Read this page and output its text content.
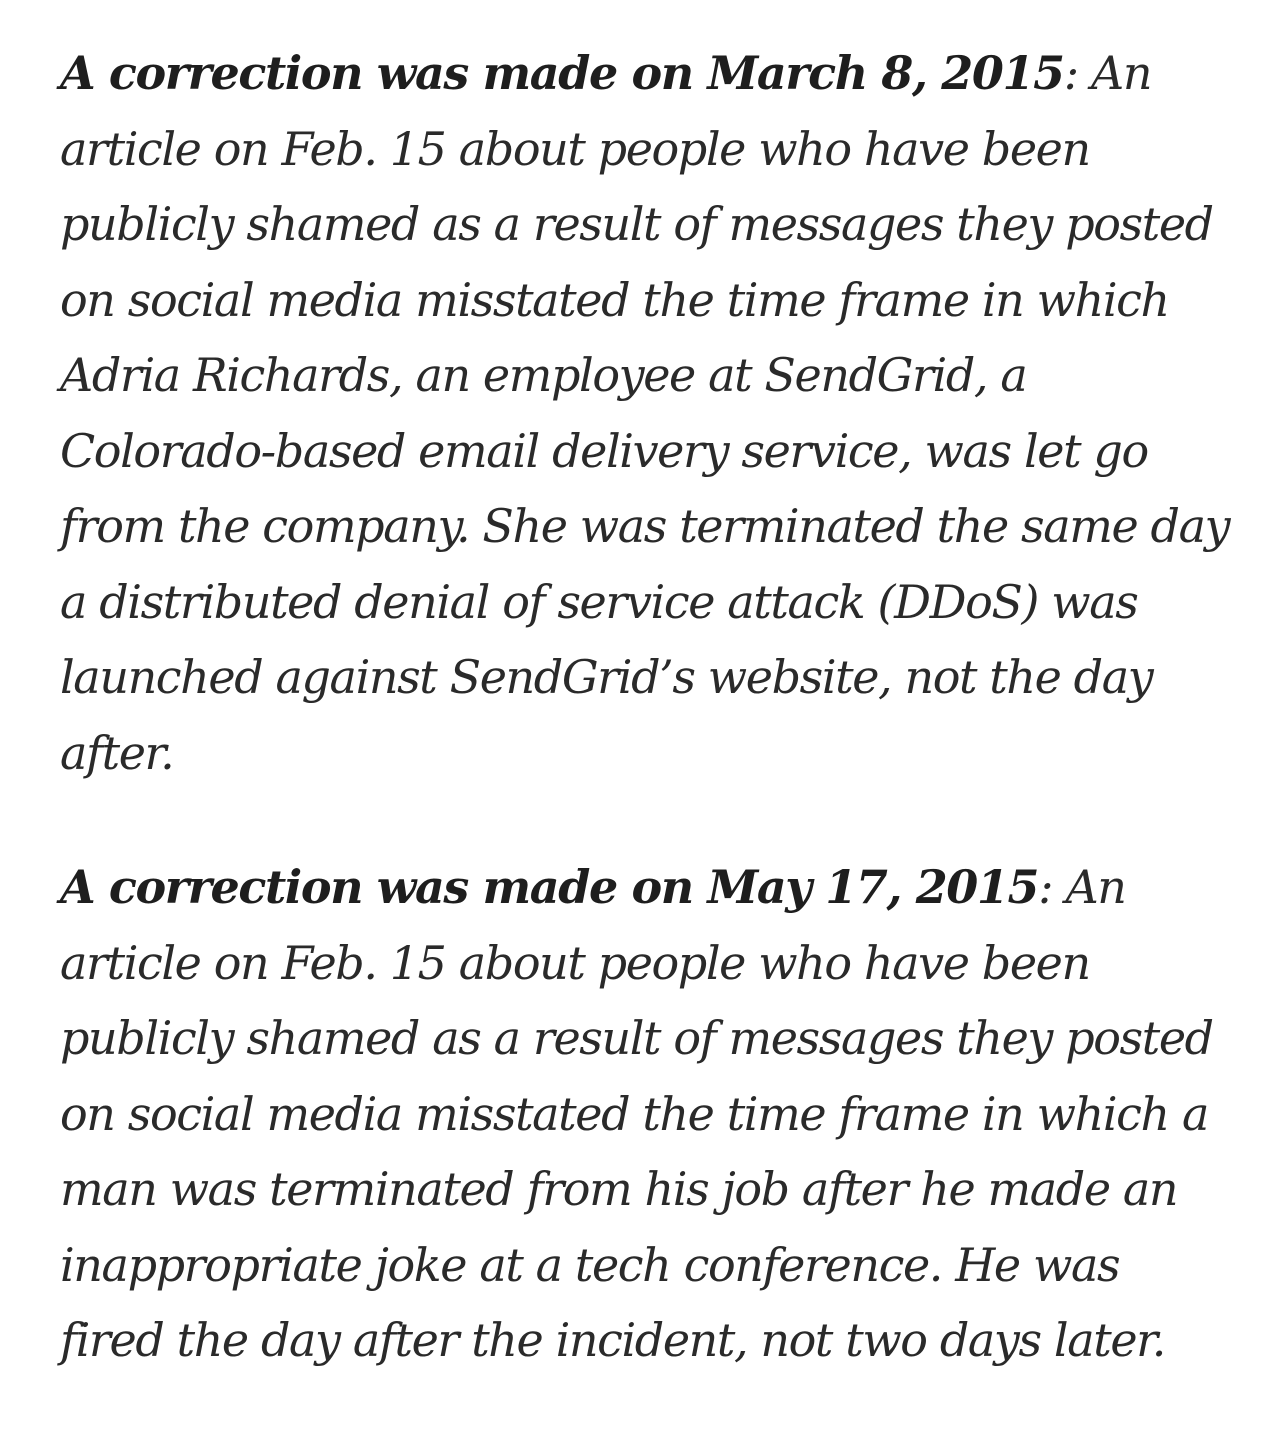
A correction was made on March 8, 2015: An article on Feb. 15 about people who have been publicly shamed as a result of messages they posted on social media misstated the time frame in which Adria Richards, an employee at SendGrid, a Colorado-based email delivery service, was let go from the company. She was terminated the same day a distributed denial of service attack (DDoS) was launched against SendGrid’s website, not the day after.

A correction was made on May 17, 2015: An article on Feb. 15 about people who have been publicly shamed as a result of messages they posted on social media misstated the time frame in which a man was terminated from his job after he made an inappropriate joke at a tech conference. He was fired the day after the incident, not two days later.
